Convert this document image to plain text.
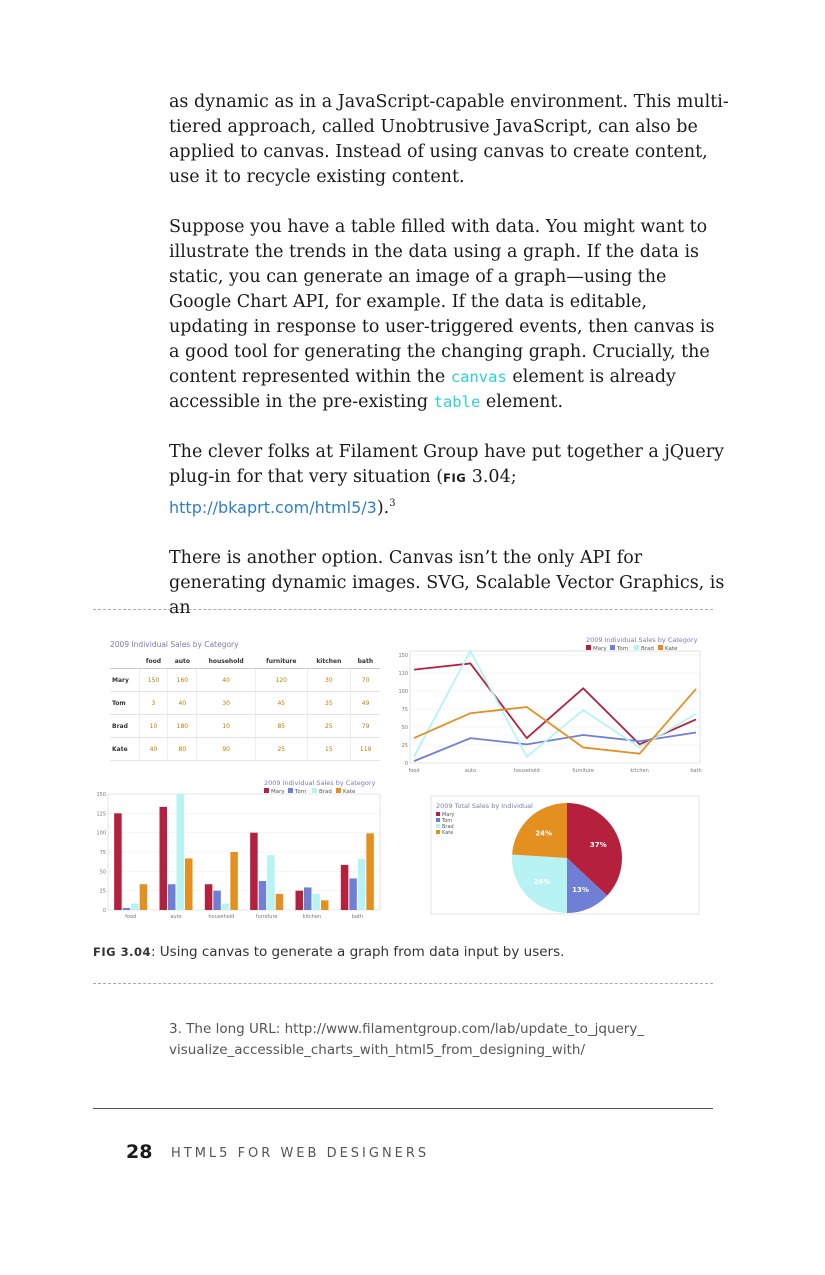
as dynamic as in a JavaScript-capable environment. This multi-tiered approach, called Unobtrusive JavaScript, can also be applied to canvas. Instead of using canvas to create content, use it to recycle existing content.

Suppose you have a table filled with data. You might want to illustrate the trends in the data using a graph. If the data is static, you can generate an image of a graph—using the Google Chart API, for example. If the data is editable, updating in response to user-triggered events, then canvas is a good tool for generating the changing graph. Crucially, the content represented within the canvas element is already accessible in the pre-existing table element.

The clever folks at Filament Group have put together a jQuery plug-in for that very situation (FIG 3.04; http://bkaprt.com/html5/3).$^3$

There is another option. Canvas isn’t the only API for generating dynamic images. SVG, Scalable Vector Graphics, is an

2009 Individual Sales by Category
	food	auto	household	furniture	kitchen	bath
Mary	150	160	40	120	30	70
Tom	3	40	30	45	35	49
Brad	10	180	10	85	25	79
Kate	40	80	90	25	15	119
150
110
100
75
50
25
0
food	auto	household	furniture	kitchen	bath
2009 Individual Sales by Category
Mary Tom Brad Kate
150
125
100
75
50
25
0
food	auto	household	furniture	kitchen	bath
2009 Individual Sales by Category
Mary Tom Brad Kate
2009 Total Sales by Individual
Mary
Tom
Brad
Kate
37%
13%
26%
24%
FIG 3.04: Using canvas to generate a graph from data input by users.
3. The long URL: http://www.filamentgroup.com/lab/update_to_jquery_
visualize_accessible_charts_with_html5_from_designing_with/
28 HTML5 FOR WEB DESIGNERS
